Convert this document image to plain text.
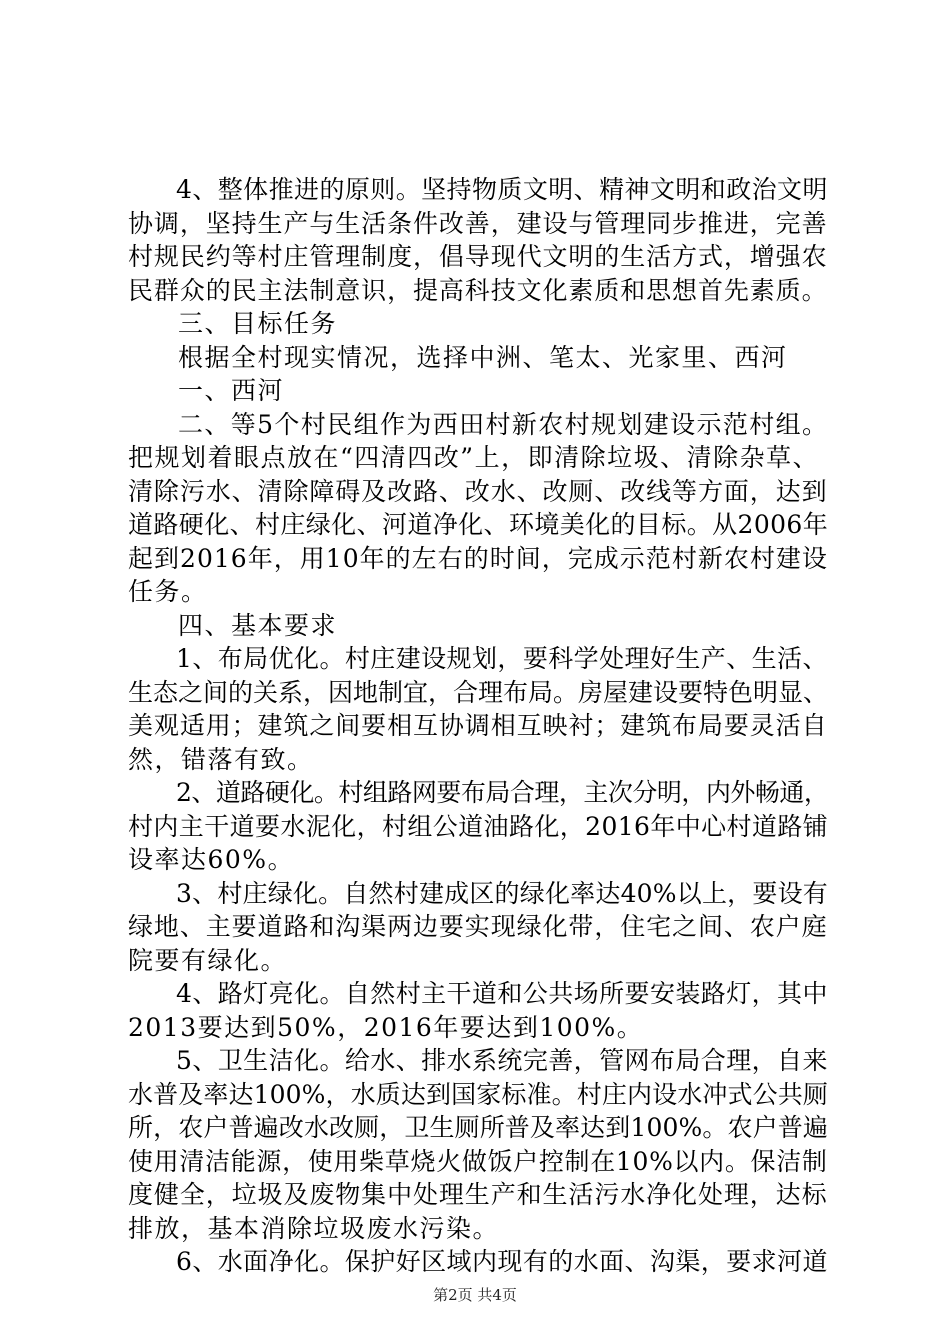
4、整体推进的原则。坚持物质文明、精神文明和政治文明
协调，坚持生产与生活条件改善，建设与管理同步推进，完善
村规民约等村庄管理制度，倡导现代文明的生活方式，增强农
民群众的民主法制意识，提高科技文化素质和思想首先素质。
三、目标任务
根据全村现实情况，选择中洲、笔太、光家里、西河
一、西河
二、等5个村民组作为西田村新农村规划建设示范村组。
把规划着眼点放在“四清四改”上，即清除垃圾、清除杂草、
清除污水、清除障碍及改路、改水、改厕、改线等方面，达到
道路硬化、村庄绿化、河道净化、环境美化的目标。从2006年
起到2016年，用10年的左右的时间，完成示范村新农村建设
任务。
四、基本要求
1、布局优化。村庄建设规划，要科学处理好生产、生活、
生态之间的关系，因地制宜，合理布局。房屋建设要特色明显、
美观适用；建筑之间要相互协调相互映衬；建筑布局要灵活自
然，错落有致。
2、道路硬化。村组路网要布局合理，主次分明，内外畅通，
村内主干道要水泥化，村组公道油路化，2016年中心村道路铺
设率达60%。
3、村庄绿化。自然村建成区的绿化率达40%以上，要设有
绿地、主要道路和沟渠两边要实现绿化带，住宅之间、农户庭
院要有绿化。
4、路灯亮化。自然村主干道和公共场所要安装路灯，其中
2013要达到50%，2016年要达到100%。
5、卫生洁化。给水、排水系统完善，管网布局合理，自来
水普及率达100%，水质达到国家标准。村庄内设水冲式公共厕
所，农户普遍改水改厕，卫生厕所普及率达到100%。农户普遍
使用清洁能源，使用柴草烧火做饭户控制在10%以内。保洁制
度健全，垃圾及废物集中处理生产和生活污水净化处理，达标
排放，基本消除垃圾废水污染。
6、水面净化。保护好区域内现有的水面、沟渠，要求河道
第2页 共4页
